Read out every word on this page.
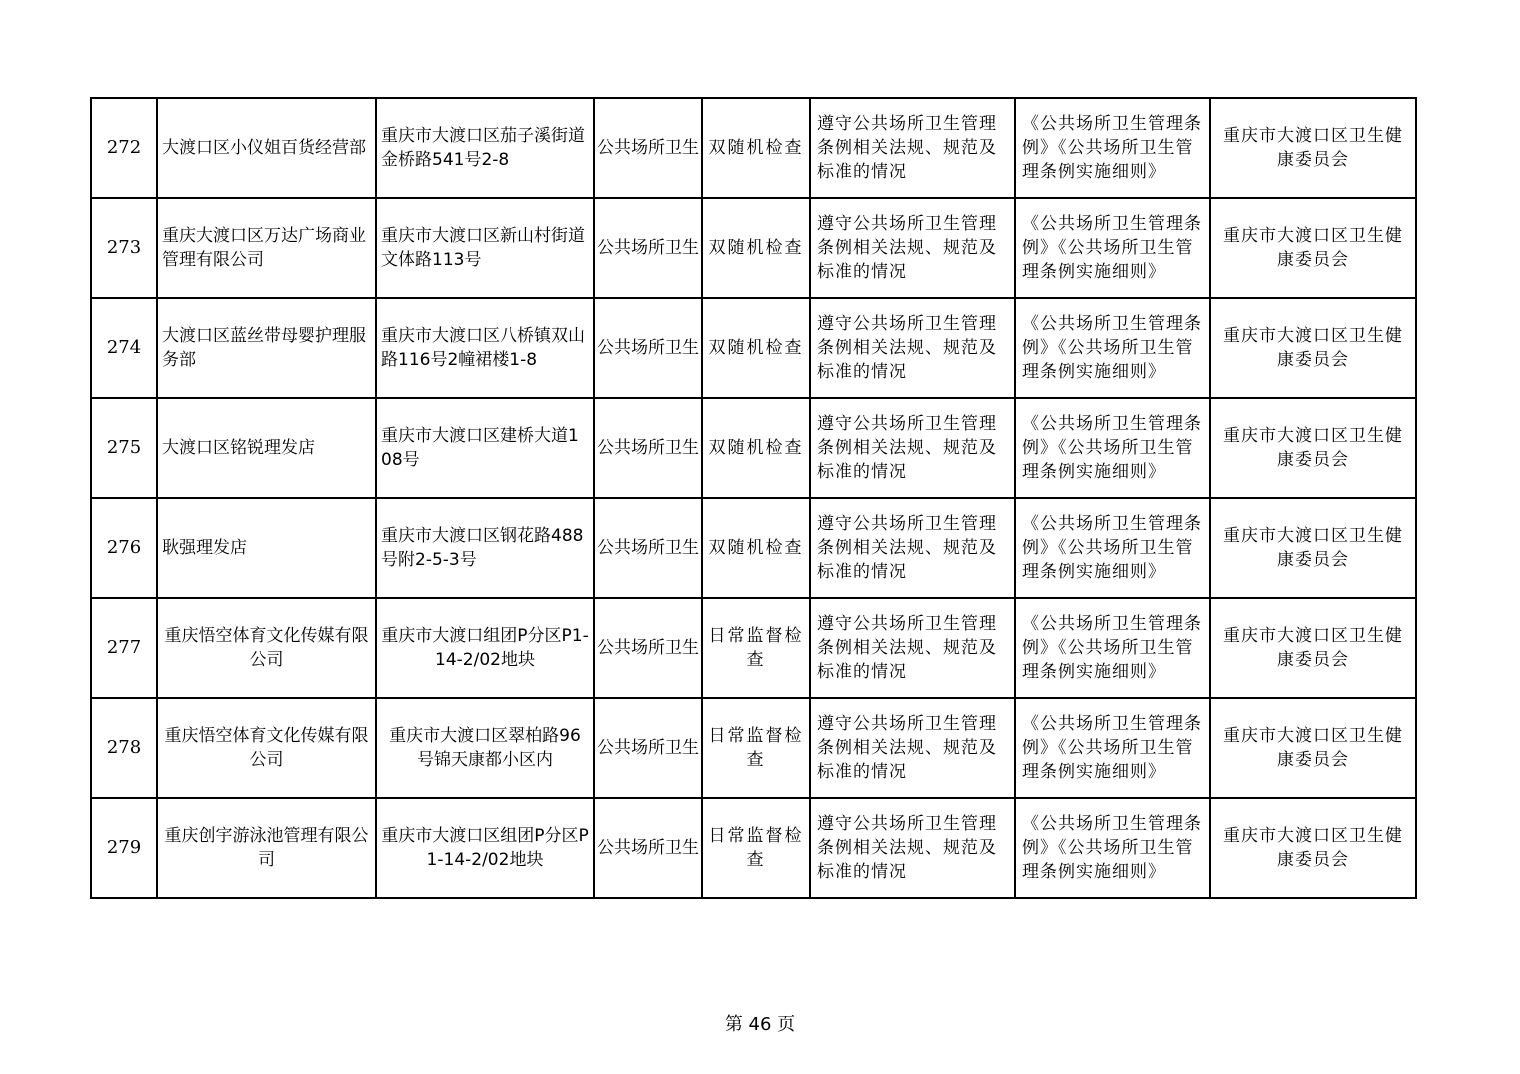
272	大渡口区小仪姐百货经营部	重庆市大渡口区茄子溪街道金桥路541号2-8	公共场所卫生	双随机检查	遵守公共场所卫生管理条例相关法规、规范及标准的情况	《公共场所卫生管理条例》《公共场所卫生管理条例实施细则》	重庆市大渡口区卫生健康委员会
273	重庆大渡口区万达广场商业管理有限公司	重庆市大渡口区新山村街道文体路113号	公共场所卫生	双随机检查	遵守公共场所卫生管理条例相关法规、规范及标准的情况	《公共场所卫生管理条例》《公共场所卫生管理条例实施细则》	重庆市大渡口区卫生健康委员会
274	大渡口区蓝丝带母婴护理服务部	重庆市大渡口区八桥镇双山路116号2幢裙楼1-8	公共场所卫生	双随机检查	遵守公共场所卫生管理条例相关法规、规范及标准的情况	《公共场所卫生管理条例》《公共场所卫生管理条例实施细则》	重庆市大渡口区卫生健康委员会
275	大渡口区铭锐理发店	重庆市大渡口区建桥大道108号	公共场所卫生	双随机检查	遵守公共场所卫生管理条例相关法规、规范及标准的情况	《公共场所卫生管理条例》《公共场所卫生管理条例实施细则》	重庆市大渡口区卫生健康委员会
276	耿强理发店	重庆市大渡口区钢花路488号附2-5-3号	公共场所卫生	双随机检查	遵守公共场所卫生管理条例相关法规、规范及标准的情况	《公共场所卫生管理条例》《公共场所卫生管理条例实施细则》	重庆市大渡口区卫生健康委员会
277	重庆悟空体育文化传媒有限公司	重庆市大渡口组团P分区P1-14-2/02地块	公共场所卫生	日常监督检查	遵守公共场所卫生管理条例相关法规、规范及标准的情况	《公共场所卫生管理条例》《公共场所卫生管理条例实施细则》	重庆市大渡口区卫生健康委员会
278	重庆悟空体育文化传媒有限公司	重庆市大渡口区翠柏路96号锦天康都小区内	公共场所卫生	日常监督检查	遵守公共场所卫生管理条例相关法规、规范及标准的情况	《公共场所卫生管理条例》《公共场所卫生管理条例实施细则》	重庆市大渡口区卫生健康委员会
279	重庆创宇游泳池管理有限公司	重庆市大渡口区组团P分区P1-14-2/02地块	公共场所卫生	日常监督检查	遵守公共场所卫生管理条例相关法规、规范及标准的情况	《公共场所卫生管理条例》《公共场所卫生管理条例实施细则》	重庆市大渡口区卫生健康委员会
第 46 页
